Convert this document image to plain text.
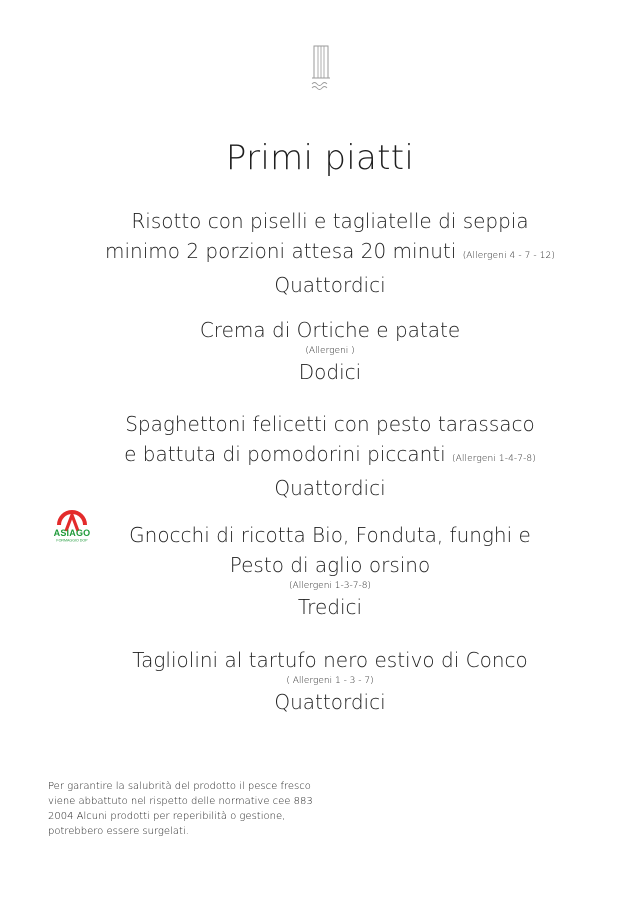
Primi piatti
Risotto con piselli e tagliatelle di seppia
minimo 2 porzioni attesa 20 minuti (Allergeni 4 - 7 - 12)
Quattordici
Crema di Ortiche e patate
(Allergeni )
Dodici
Spaghettoni felicetti con pesto tarassaco
e battuta di pomodorini piccanti (Allergeni 1-4-7-8)
Quattordici
ASIAGO
FORMAGGIO DOP	Gnocchi di ricotta Bio, Fonduta, funghi e
Pesto di aglio orsino
(Allergeni 1-3-7-8)
Tredici
Tagliolini al tartufo nero estivo di Conco
( Allergeni 1 - 3 - 7)
Quattordici
Per garantire la salubrità del prodotto il pesce fresco
viene abbattuto nel rispetto delle normative cee 883
2004 Alcuni prodotti per reperibilità o gestione,
potrebbero essere surgelati.
